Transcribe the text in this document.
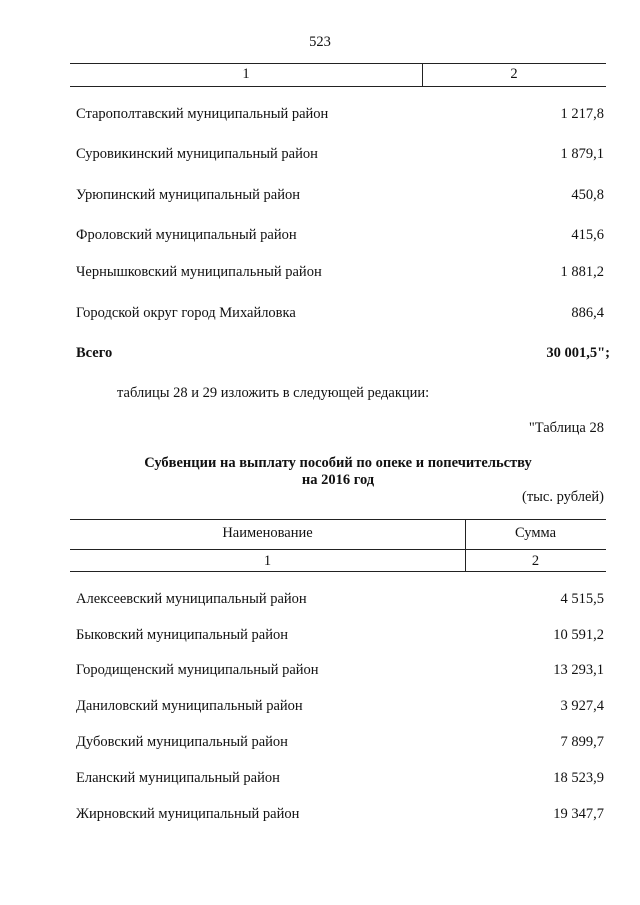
523
1	2
Старополтавский муниципальный район	1 217,8
Суровикинский муниципальный район	1 879,1
Урюпинский муниципальный район	450,8
Фроловский муниципальный район	415,6
Чернышковский муниципальный район	1 881,2
Городской округ город Михайловка	886,4
Всего	30 001,5";
таблицы 28 и 29 изложить в следующей редакции:
"Таблица 28
Субвенции на выплату пособий по опеке и попечительству
на 2016 год
(тыс. рублей)
Наименование	Сумма
1	2
Алексеевский муниципальный район	4 515,5
Быковский муниципальный район	10 591,2
Городищенский муниципальный район	13 293,1
Даниловский муниципальный район	3 927,4
Дубовский муниципальный район	7 899,7
Еланский муниципальный район	18 523,9
Жирновский муниципальный район	19 347,7
